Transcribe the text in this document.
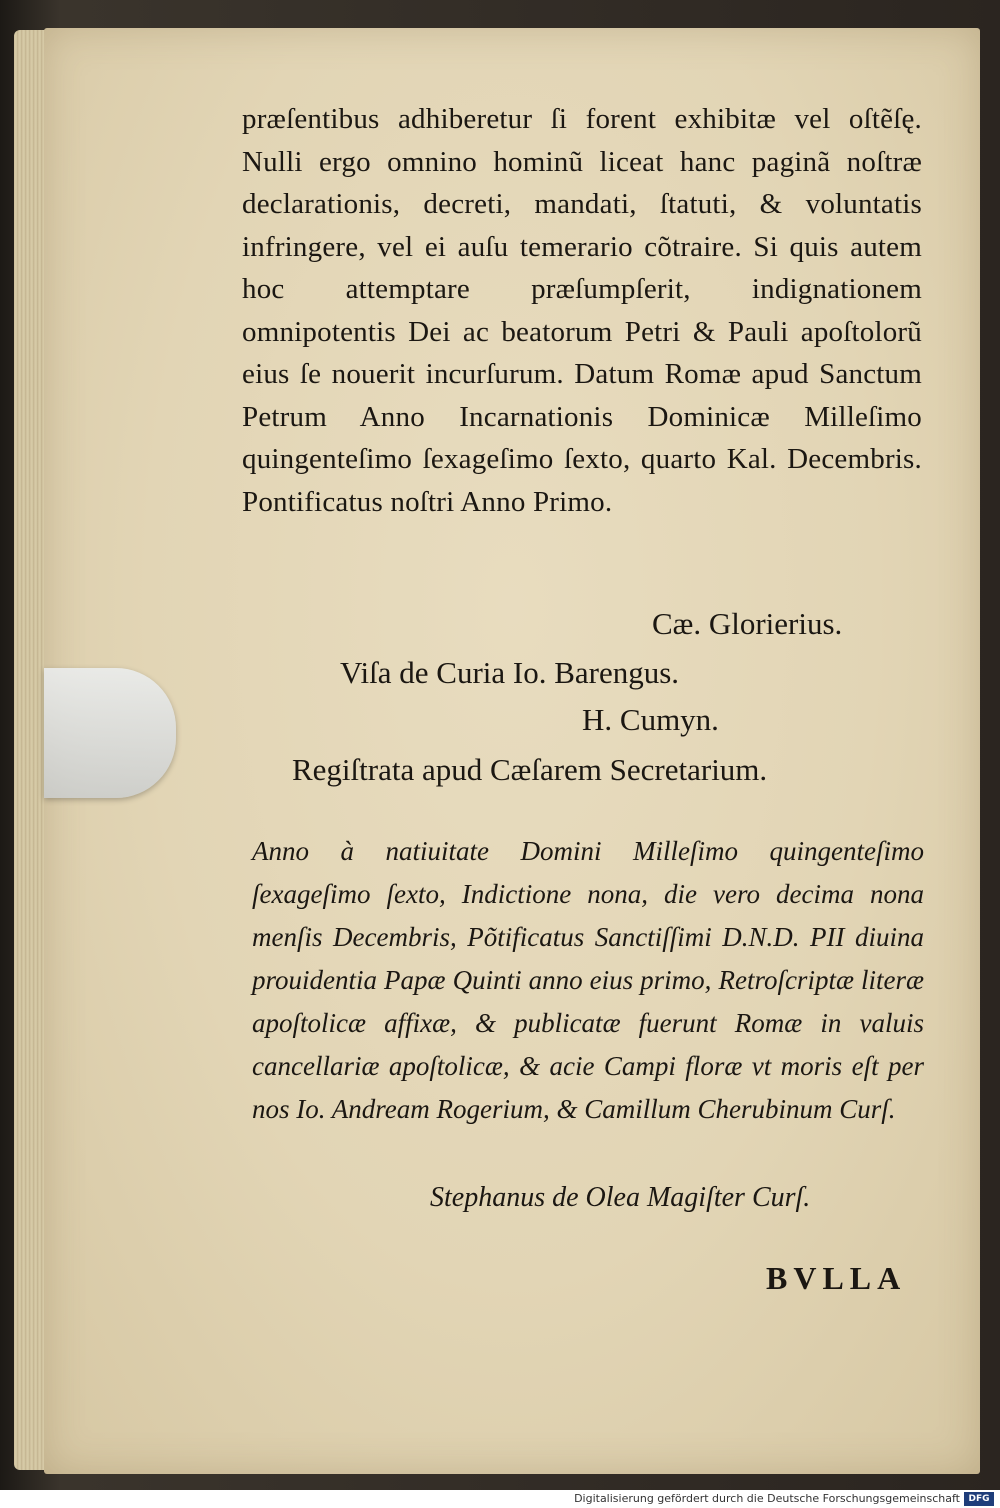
præſentibus adhiberetur ſi forent exhibitæ vel oſtẽſę. Nulli ergo omnino hominũ liceat hanc paginã noſtræ declarationis, decreti, mandati, ſtatuti, & voluntatis infringere, vel ei auſu temerario cõtraire. Si quis autem hoc attemptare præſumpſerit, indignationem omnipotentis Dei ac beatorum Petri & Pauli apoſtolorũ eius ſe nouerit incurſurum. Datum Romæ apud Sanctum Petrum Anno Incarnationis Dominicæ Milleſimo quingenteſimo ſexageſimo ſexto, quarto Kal. Decembris. Pontificatus noſtri Anno Primo.

Cæ. Glorierius.
Viſa de Curia Io. Barengus.
H. Cumyn.
Regiſtrata apud Cæſarem Secretarium.

Anno à natiuitate Domini Milleſimo quingenteſimo ſexageſimo ſexto, Indictione nona, die vero decima nona menſis Decembris, Põtificatus Sanctiſſimi D.N.D. PII diuina prouidentia Papæ Quinti anno eius primo, Retroſcriptæ literæ apoſtolicæ affixæ, & publicatæ fuerunt Romæ in valuis cancellariæ apoſtolicæ, & acie Campi floræ vt moris eſt per nos Io. Andream Rogerium, & Camillum Cherubinum Curſ.

Stephanus de Olea Magiſter Curſ.
BVLLA
Digitalisierung gefördert durch die Deutsche Forschungsgemeinschaft DFG
